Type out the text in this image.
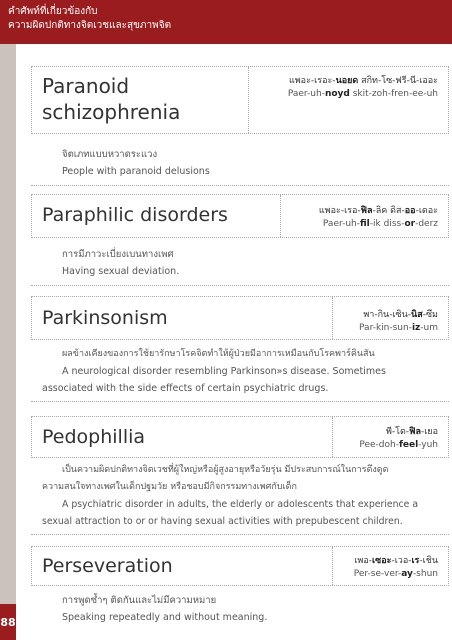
คำศัพท์ที่เกี่ยวข้องกับ
ความผิดปกติทางจิตเวชและสุขภาพจิต
88
Paranoid
schizophrenia
แพอะ-เรอะ-นอยด สกิท-โซ-ฟรี-นี-เออะ
Paer-uh-noyd skit-zoh-fren-ee-uh
จิตเภทแบบหวาดระแวง
People with paranoid delusions
Paraphilic disorders	แพอะ-เรอ-ฟิล-ลิค ดิส-ออ-เดอะ
Paer-uh-fil-ik diss-or-derz
การมีภาวะเบี่ยงเบนทางเพศ
Having sexual deviation.
Parkinsonism	พา-กิน-เซิน-นิส-ซึม
Par-kin-sun-iz-um
ผลข้างเคียงของการใช้ยารักษาโรคจิตทำให้ผู้ป่วยมีอาการเหมือนกับโรคพาร์คินสัน
A neurological disorder resembling Parkinson»s disease. Sometimes
associated with the side effects of certain psychiatric drugs.
Pedophillia	พี-โด-ฟิล-เยอ
Pee-doh-feel-yuh
เป็นความผิดปกติทางจิตเวชที่ผู้ใหญ่หรือผู้สูงอายุหรือวัยรุ่น มีประสบการณ์ในการดึงดูด
ความสนใจทางเพศในเด็กปฐมวัย หรือชอบมีกิจกรรมทางเพศกับเด็ก
A psychiatric disorder in adults, the elderly or adolescents that experience a
sexual attraction to or or having sexual activities with prepubescent children.
Perseveration	เพอ-เซอะ-เวอ-เร-เชิน
Per-se-ver-ay-shun
การพูดซ้ำๆ ติดกันและไม่มีความหมาย
Speaking repeatedly and without meaning.
